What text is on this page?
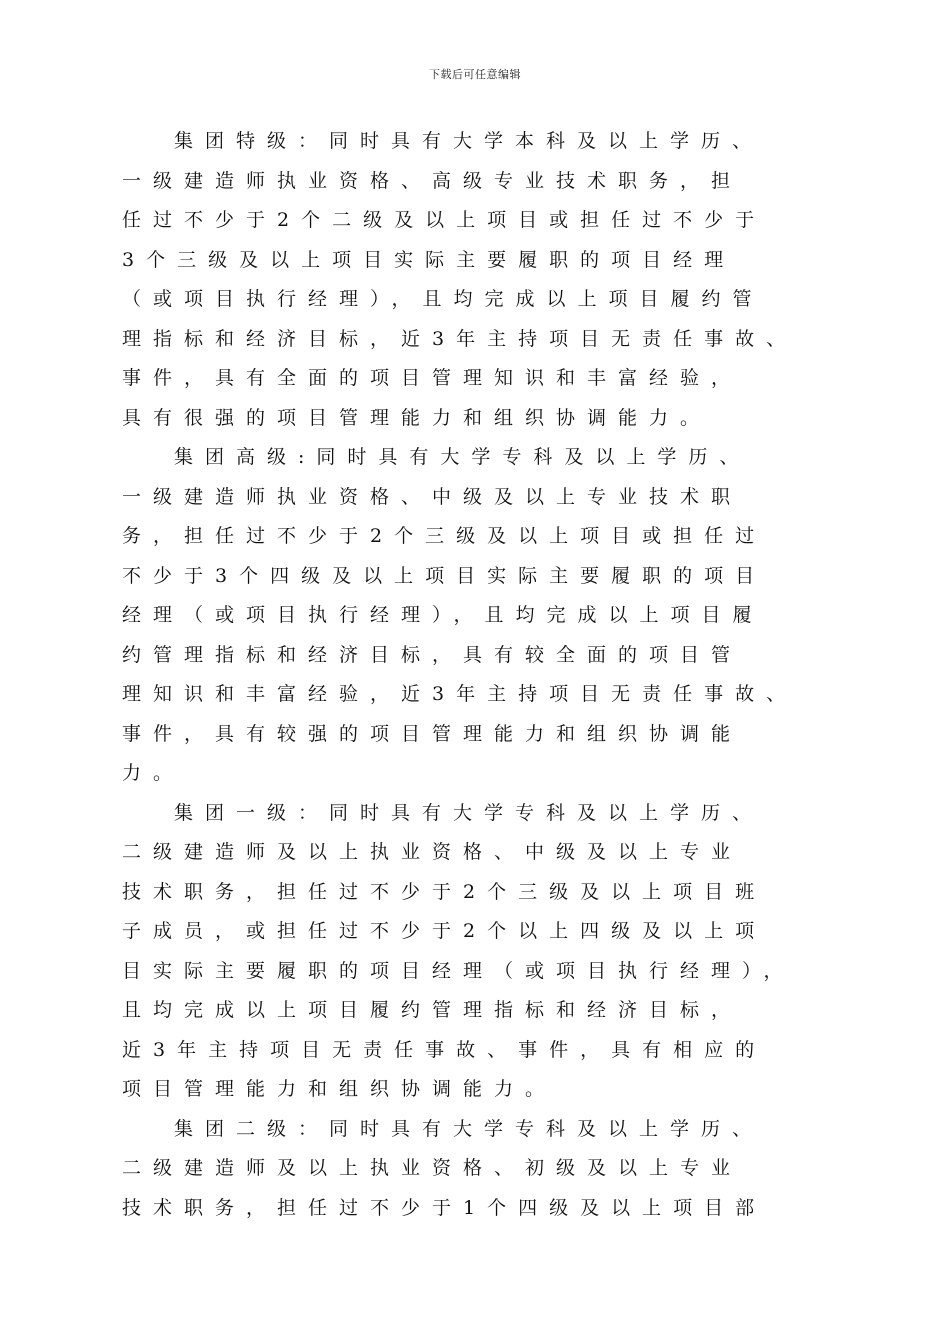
下载后可任意编辑
集团特级：同时具有大学本科及以上学历、
一级建造师执业资格、高级专业技术职务，担
任过不少于2个二级及以上项目或担任过不少于
3个三级及以上项目实际主要履职的项目经理
（或项目执行经理），且均完成以上项目履约管
理指标和经济目标，近3年主持项目无责任事故、
事件，具有全面的项目管理知识和丰富经验，
具有很强的项目管理能力和组织协调能力。
集团高级:同时具有大学专科及以上学历、
一级建造师执业资格、中级及以上专业技术职
务，担任过不少于2个三级及以上项目或担任过
不少于3个四级及以上项目实际主要履职的项目
经理（或项目执行经理），且均完成以上项目履
约管理指标和经济目标，具有较全面的项目管
理知识和丰富经验，近3年主持项目无责任事故、
事件，具有较强的项目管理能力和组织协调能
力。
集团一级：同时具有大学专科及以上学历、
二级建造师及以上执业资格、中级及以上专业
技术职务，担任过不少于2个三级及以上项目班
子成员，或担任过不少于2个以上四级及以上项
目实际主要履职的项目经理（或项目执行经理），
且均完成以上项目履约管理指标和经济目标，
近3年主持项目无责任事故、事件，具有相应的
项目管理能力和组织协调能力。
集团二级：同时具有大学专科及以上学历、
二级建造师及以上执业资格、初级及以上专业
技术职务，担任过不少于1个四级及以上项目部
